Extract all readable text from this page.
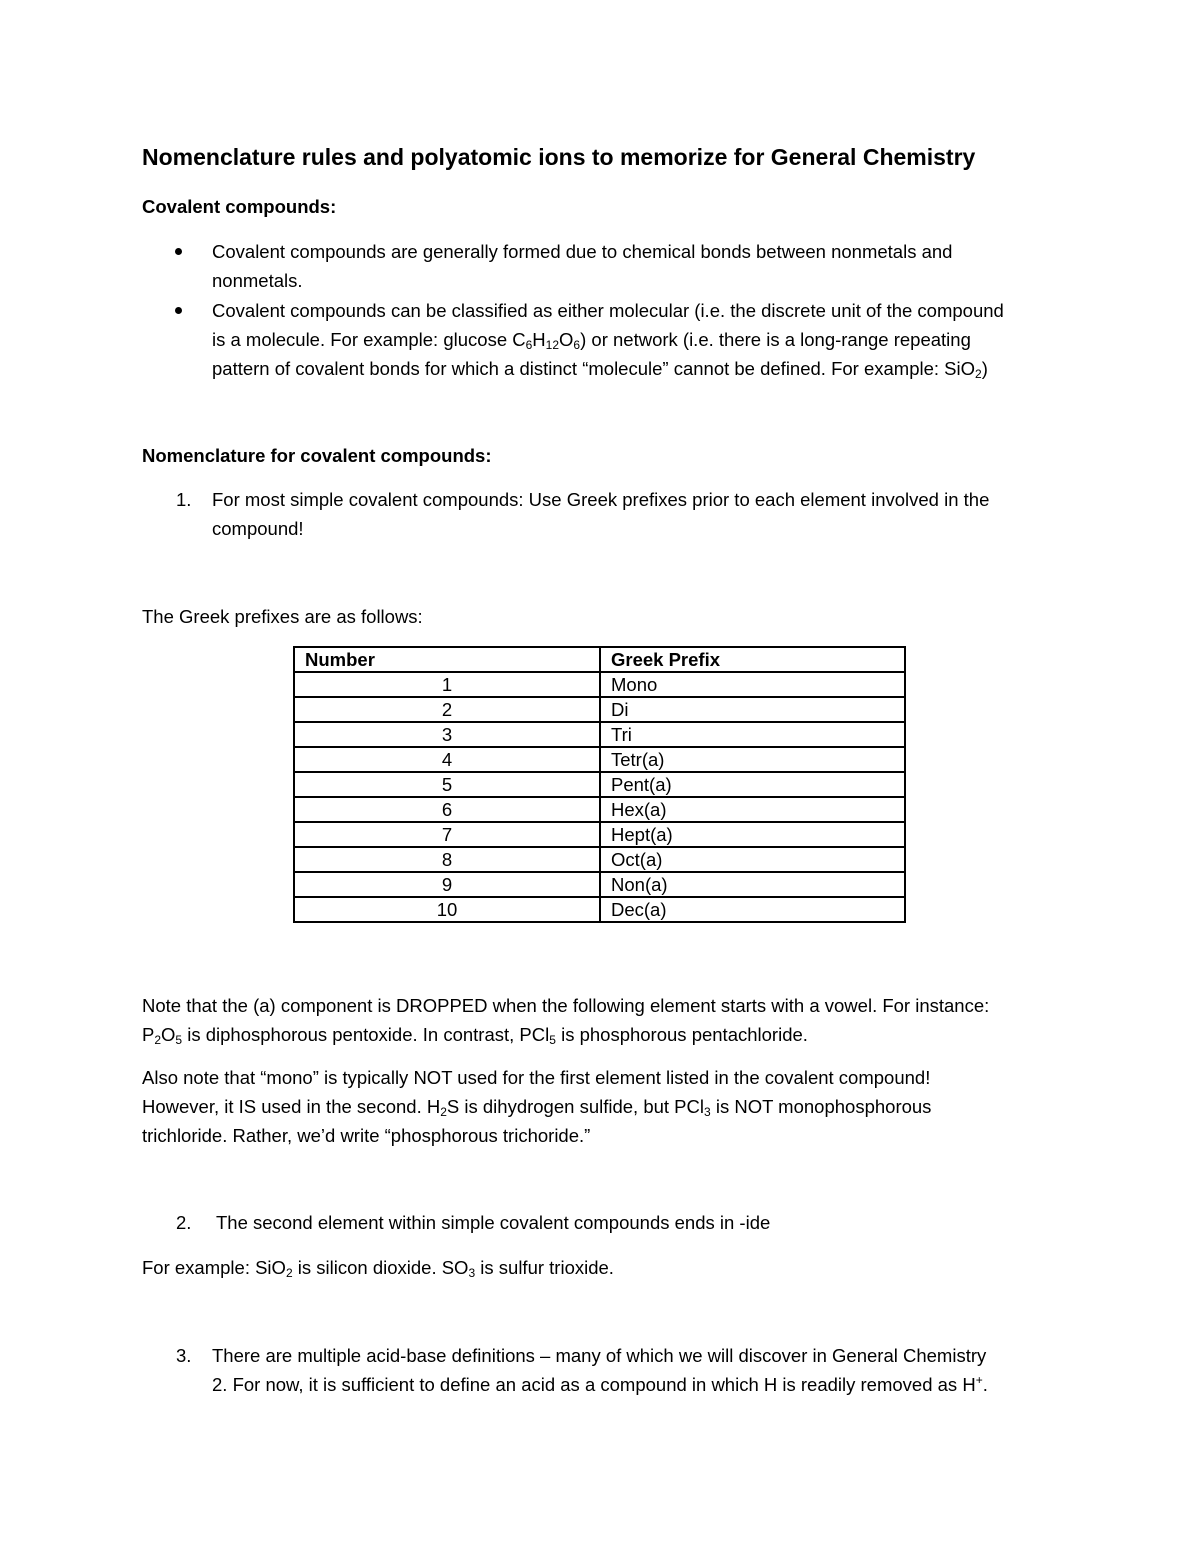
Nomenclature rules and polyatomic ions to memorize for General Chemistry
Covalent compounds:
Covalent compounds are generally formed due to chemical bonds between nonmetals and
nonmetals.
Covalent compounds can be classified as either molecular (i.e. the discrete unit of the compound
is a molecule. For example: glucose $C_6H_{12}O_6$) or network (i.e. there is a long-range repeating
pattern of covalent bonds for which a distinct “molecule” cannot be defined. For example: SiO$_2$)
Nomenclature for covalent compounds:
1. For most simple covalent compounds: Use Greek prefixes prior to each element involved in the
compound!
The Greek prefixes are as follows:
Number	Greek Prefix
1	Mono
2	Di
3	Tri
4	Tetr(a)
5	Pent(a)
6	Hex(a)
7	Hept(a)
8	Oct(a)
9	Non(a)
10	Dec(a)
Note that the (a) component is DROPPED when the following element starts with a vowel. For instance:
$P_2O_5$ is diphosphorous pentoxide. In contrast, PCl$_5$ is phosphorous pentachloride.
Also note that “mono” is typically NOT used for the first element listed in the covalent compound!
However, it IS used in the second. $H_2S$ is dihydrogen sulfide, but PCl$_3$ is NOT monophosphorous
trichloride. Rather, we’d write “phosphorous trichoride.”
2. The second element within simple covalent compounds ends in -ide
For example: SiO$_2$ is silicon dioxide. $SO_3$ is sulfur trioxide.
3. There are multiple acid-base definitions – many of which we will discover in General Chemistry
2. For now, it is sufficient to define an acid as a compound in which H is readily removed as H+.
